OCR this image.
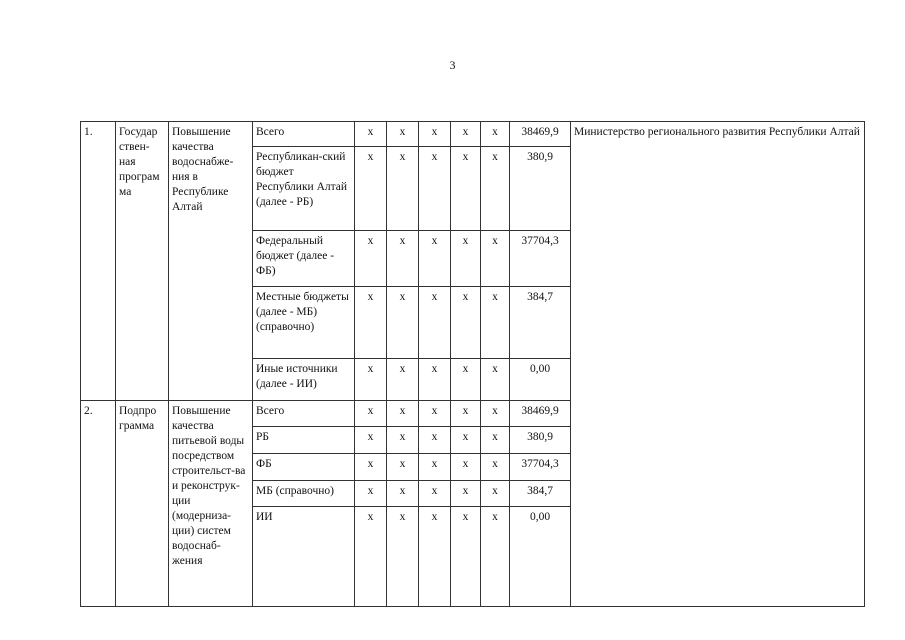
3
1.	Государ ствен-ная програм ма	Повышение качества водоснабже-ния в Республике Алтай	Всего	x	x	x	x	x	38469,9	Министерство регионального развития Республики Алтай
			Республикан-ский бюджет Республики Алтай (далее - РБ)	x	x	x	x	x	380,9	
			Федеральный бюджет (далее - ФБ)	x	x	x	x	x	37704,3	
			Местные бюджеты (далее - МБ) (справочно)	x	x	x	x	x	384,7	
			Иные источники (далее - ИИ)	x	x	x	x	x	0,00	
2.	Подпро грамма	Повышение качества питьевой воды посредством строительст-ва и реконструк-ции (модерниза-ции) систем водоснаб-жения	Всего	x	x	x	x	x	38469,9	
			РБ	x	x	x	x	x	380,9	
			ФБ	x	x	x	x	x	37704,3	
			МБ (справочно)	x	x	x	x	x	384,7	
			ИИ	x	x	x	x	x	0,00	
